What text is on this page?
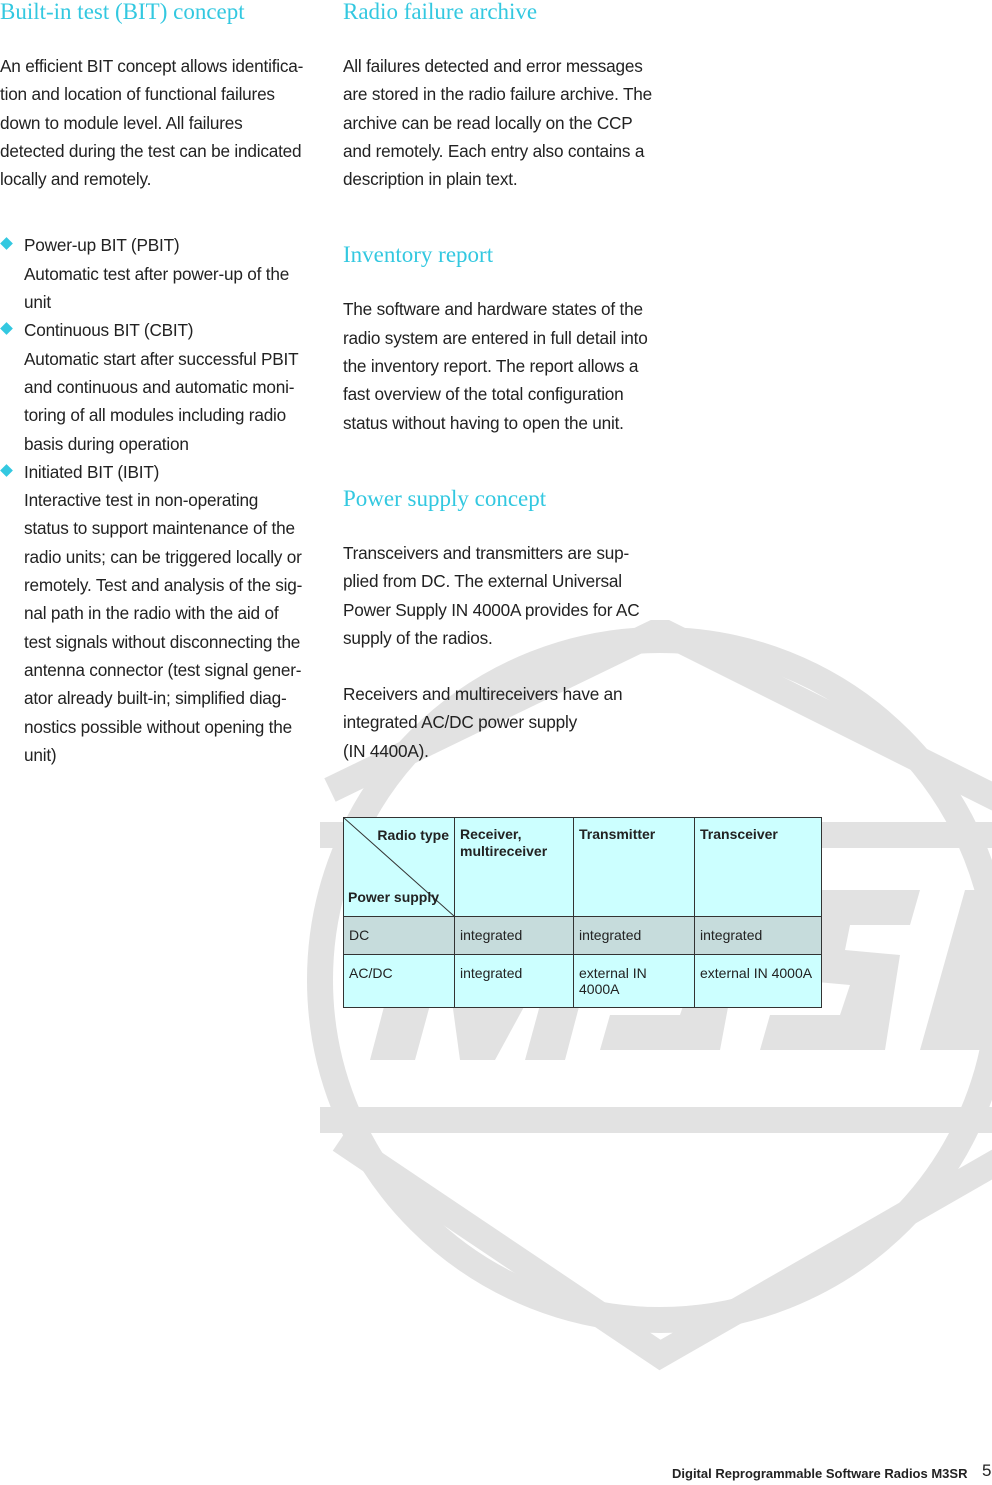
Built-in test (BIT) concept

An efficient BIT concept allows identifica-
tion and location of functional failures
down to module level. All failures
detected during the test can be indicated
locally and remotely.

Power-up BIT (PBIT)
Automatic test after power-up of the
unit
Continuous BIT (CBIT)
Automatic start after successful PBIT
and continuous and automatic moni-
toring of all modules including radio
basis during operation
Initiated BIT (IBIT)
Interactive test in non-operating
status to support maintenance of the
radio units; can be triggered locally or
remotely. Test and analysis of the sig-
nal path in the radio with the aid of
test signals without disconnecting the
antenna connector (test signal gener-
ator already built-in; simplified diag-
nostics possible without opening the
unit)
Radio failure archive

All failures detected and error messages
are stored in the radio failure archive. The
archive can be read locally on the CCP
and remotely. Each entry also contains a
description in plain text.

Inventory report

The software and hardware states of the
radio system are entered in full detail into
the inventory report. The report allows a
fast overview of the total configuration
status without having to open the unit.

Power supply concept

Transceivers and transmitters are sup-
plied from DC. The external Universal
Power Supply IN 4000A provides for AC
supply of the radios.

Receivers and multireceivers have an
integrated AC/DC power supply
(IN 4400A).

Radio type
Power supply	Receiver, multireceiver	Transmitter	Transceiver
DC	integrated	integrated	integrated
AC/DC	integrated	external IN 4000A	external IN 4000A
Digital Reprogrammable Software Radios M3SR 5
